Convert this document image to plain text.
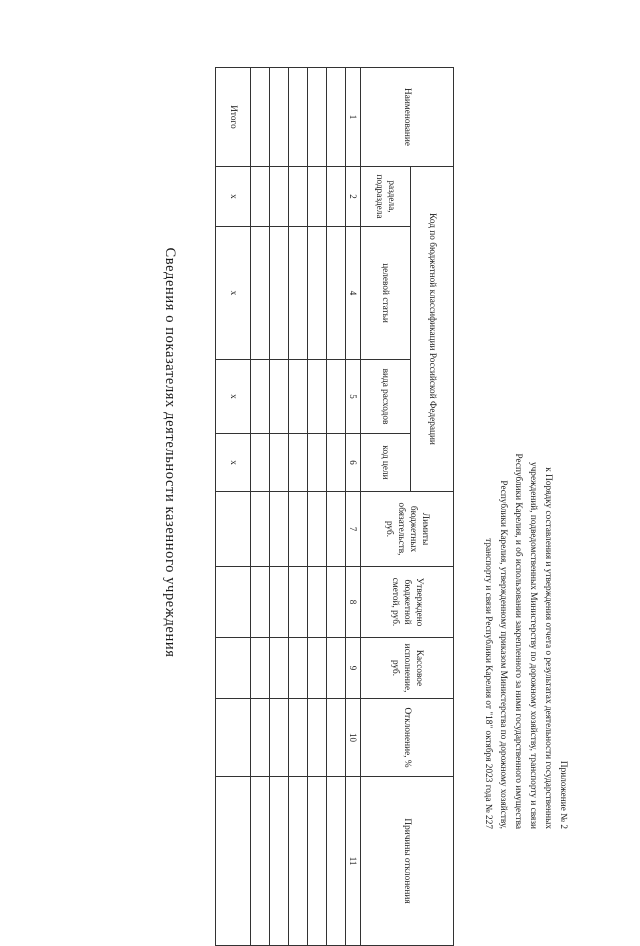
Приложение № 2
к Порядку составления и утверждения отчета о результатах деятельности государственных
учреждений, подведомственных Министерству по дорожному хозяйству, транспорту и связи
Республики Карелия, и об использовании закрепленного за ними государственного имущества
Республики Карелия, утвержденному приказом Министерства по дорожному хозяйству,
транспорту и связи Республики Карелия от "18" октября 2023 года № 227
Наименование	Код по бюджетной классификации Российской Федерации				Лимиты бюджетных обязательств, руб.	Утверждено бюджетной сметой, руб.	Кассовое исполнение, руб.	Отклонение, %	Причины отклонения
	раздела, подраздела	целевой статьи	вида расходов	код цели					
1	2	4	5	6	7	8	9	10	11

Итого	х	х	х	х					
Сведения о показателях деятельности казенного учреждения
